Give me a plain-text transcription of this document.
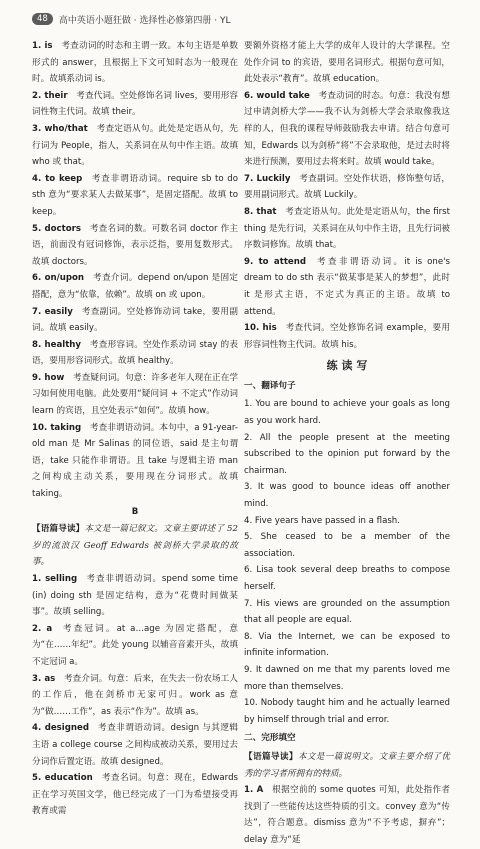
48	高中英语小题狂做 · 选择性必修第四册 · YL

1. is  考查动词的时态和主谓一致。本句主语是单数形式的 answer，且根据上下文可知时态为一般现在时。故填系动词 is。

2. their  考查代词。空处修饰名词 lives，要用形容词性物主代词。故填 their。

3. who/that  考查定语从句。此处是定语从句，先行词为 People，指人，关系词在从句中作主语。故填 who 或 that。

4. to keep  考查非谓语动词。require sb to do sth 意为“要求某人去做某事”，是固定搭配。故填 to keep。

5. doctors  考查名词的数。可数名词 doctor 作主语，前面没有冠词修饰，表示泛指，要用复数形式。故填 doctors。

6. on/upon  考查介词。depend on/upon 是固定搭配，意为“依靠，依赖”。故填 on 或 upon。

7. easily  考查副词。空处修饰动词 take，要用副词。故填 easily。

8. healthy  考查形容词。空处作系动词 stay 的表语，要用形容词形式。故填 healthy。

9. how  考查疑问词。句意：许多老年人现在正在学习如何使用电脑。此处要用“疑问词 + 不定式”作动词 learn 的宾语，且空处表示“如何”。故填 how。

10. taking  考查非谓语动词。本句中，a 91-year-old man 是 Mr Salinas 的同位语，said 是主句谓语，take 只能作非谓语。且 take 与逻辑主语 man 之间构成主动关系，要用现在分词形式。故填 taking。

B

【语篇导读】本文是一篇记叙文。文章主要讲述了 52 岁的流浪汉 Geoff Edwards 被剑桥大学录取的故事。

1. selling  考查非谓语动词。spend some time (in) doing sth 是固定结构，意为“花费时间做某事”。故填 selling。

2. a  考查冠词。at a…age 为固定搭配，意为“在……年纪”。此处 young 以辅音音素开头，故填不定冠词 a。

3. as  考查介词。句意：后来，在失去一份农场工人的工作后，他在剑桥市无家可归。work as 意为“做……工作”，as 表示“作为”。故填 as。

4. designed  考查非谓语动词。design 与其逻辑主语 a college course 之间构成被动关系，要用过去分词作后置定语。故填 designed。

5. education  考查名词。句意：现在，Edwards 正在学习英国文学，他已经完成了一门为希望接受再教育或需

要额外资格才能上大学的成年人设计的大学课程。空处作介词 to 的宾语，要用名词形式。根据句意可知，此处表示“教育”。故填 education。

6. would take  考查动词的时态。句意：我没有想过申请剑桥大学——我不认为剑桥大学会录取像我这样的人，但我的课程导师鼓励我去申请。结合句意可知，Edwards 以为剑桥“将”不会录取他，是过去时将来进行预测，要用过去将来时。故填 would take。

7. Luckily  考查副词。空处作状语，修饰整句话，要用副词形式。故填 Luckily。

8. that  考查定语从句。此处是定语从句，the first thing 是先行词，关系词在从句中作主语，且先行词被序数词修饰。故填 that。

9. to attend  考查非谓语动词。it is one's dream to do sth 表示“做某事是某人的梦想”，此时 it 是形式主语，不定式为真正的主语。故填 to attend。

10. his  考查代词。空处修饰名词 example，要用形容词性物主代词。故填 his。

练 读 写
一、翻译句子

1. You are bound to achieve your goals as long as you work hard.

2. All the people present at the meeting subscribed to the opinion put forward by the chairman.

3. It was good to bounce ideas off another mind.

4. Five years have passed in a flash.

5. She ceased to be a member of the association.

6. Lisa took several deep breaths to compose herself.

7. His views are grounded on the assumption that all people are equal.

8. Via the Internet, we can be exposed to infinite information.

9. It dawned on me that my parents loved me more than themselves.

10. Nobody taught him and he actually learned by himself through trial and error.

二、完形填空

【语篇导读】本文是一篇说明文。文章主要介绍了优秀的学习者所拥有的特质。

1. A  根据空前的 some quotes 可知，此处指作者找到了一些能传达这些特质的引文。convey 意为“传达”，符合题意。dismiss 意为“不予考虑，摒弃”；delay 意为“延
